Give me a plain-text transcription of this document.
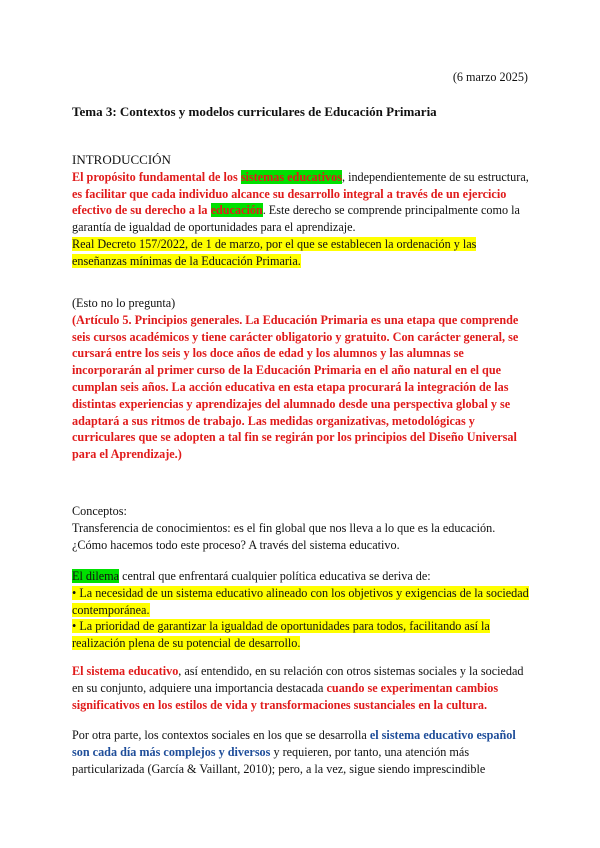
(6 marzo 2025)
Tema 3: Contextos y modelos curriculares de Educación Primaria
INTRODUCCIÓN
El propósito fundamental de los sistemas educativos, independientemente de su estructura, es facilitar que cada individuo alcance su desarrollo integral a través de un ejercicio efectivo de su derecho a la educación. Este derecho se comprende principalmente como la garantía de igualdad de oportunidades para el aprendizaje.
Real Decreto 157/2022, de 1 de marzo, por el que se establecen la ordenación y las enseñanzas mínimas de la Educación Primaria.
(Esto no lo pregunta)
(Artículo 5. Principios generales. La Educación Primaria es una etapa que comprende seis cursos académicos y tiene carácter obligatorio y gratuito. Con carácter general, se cursará entre los seis y los doce años de edad y los alumnos y las alumnas se incorporarán al primer curso de la Educación Primaria en el año natural en el que cumplan seis años. La acción educativa en esta etapa procurará la integración de las distintas experiencias y aprendizajes del alumnado desde una perspectiva global y se adaptará a sus ritmos de trabajo. Las medidas organizativas, metodológicas y curriculares que se adopten a tal fin se regirán por los principios del Diseño Universal para el Aprendizaje.)
Conceptos:
Transferencia de conocimientos: es el fin global que nos lleva a lo que es la educación.
¿Cómo hacemos todo este proceso? A través del sistema educativo.
El dilema central que enfrentará cualquier política educativa se deriva de:
• La necesidad de un sistema educativo alineado con los objetivos y exigencias de la sociedad contemporánea.
• La prioridad de garantizar la igualdad de oportunidades para todos, facilitando así la realización plena de su potencial de desarrollo.
El sistema educativo, así entendido, en su relación con otros sistemas sociales y la sociedad en su conjunto, adquiere una importancia destacada cuando se experimentan cambios significativos en los estilos de vida y transformaciones sustanciales en la cultura.
Por otra parte, los contextos sociales en los que se desarrolla el sistema educativo español son cada día más complejos y diversos y requieren, por tanto, una atención más particularizada (García & Vaillant, 2010); pero, a la vez, sigue siendo imprescindible
